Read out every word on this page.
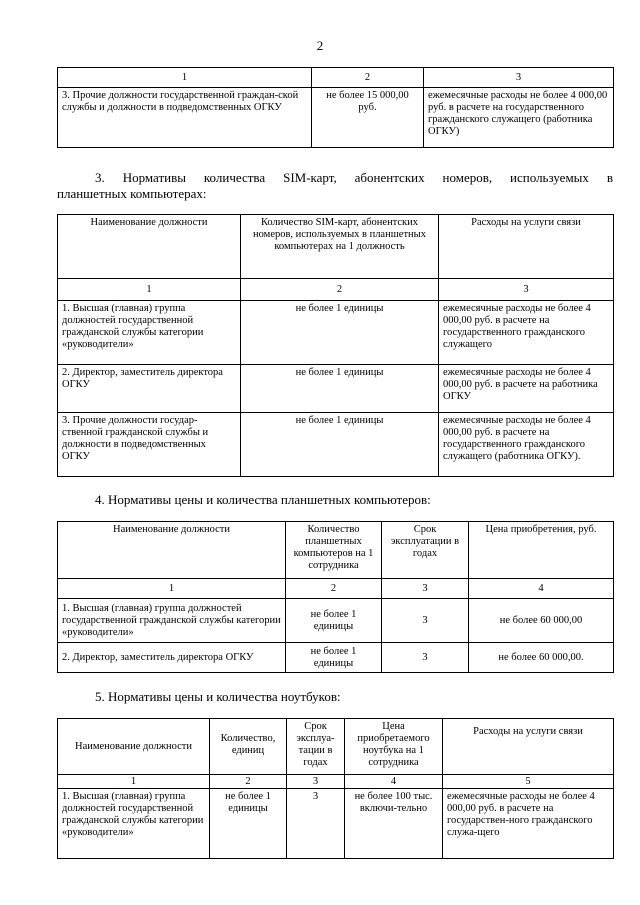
2
1	2	3
3. Прочие должности государственной граждан-ской службы и должности в подведомственных ОГКУ	не более 15 000,00 руб.	ежемесячные расходы не более 4 000,00 руб. в расчете на государственного гражданского служащего (работника ОГКУ)
3. Нормативы количества SIM-карт, абонентских номеров, используемых в
планшетных компьютерах:
Наименование должности	Количество SIM-карт, абонентских номеров, используемых в планшетных компьютерах на 1 должность	Расходы на услуги связи
1	2	3
1. Высшая (главная) группа должностей государственной гражданской службы категории «руководители»	не более 1 единицы	ежемесячные расходы не более 4 000,00 руб. в расчете на государственного гражданского служащего
2. Директор, заместитель директора ОГКУ	не более 1 единицы	ежемесячные расходы не более 4 000,00 руб. в расчете на работника ОГКУ
3. Прочие должности государ-ственной гражданской службы и должности в подведомственных ОГКУ	не более 1 единицы	ежемесячные расходы не более 4 000,00 руб. в расчете на государственного гражданского служащего (работника ОГКУ).
4. Нормативы цены и количества планшетных компьютеров:
Наименование должности	Количество планшетных компьютеров на 1 сотрудника	Срок эксплуатации в годах	Цена приобретения, руб.
1	2	3	4
1. Высшая (главная) группа должностей государственной гражданской службы категории «руководители»	не более 1 единицы	3	не более 60 000,00
2. Директор, заместитель директора ОГКУ	не более 1 единицы	3	не более 60 000,00.
5. Нормативы цены и количества ноутбуков:
Наименование должности	Количество, единиц	Срок эксплуа-тации в годах	Цена приобретаемого ноутбука на 1 сотрудника	Расходы на услуги связи
1	2	3	4	5
1. Высшая (главная) группа должностей государственной гражданской службы категории «руководители»	не более 1 единицы	3	не более 100 тыс. включи-тельно	ежемесячные расходы не более 4 000,00 руб. в расчете на государствен-ного гражданского служа-щего
